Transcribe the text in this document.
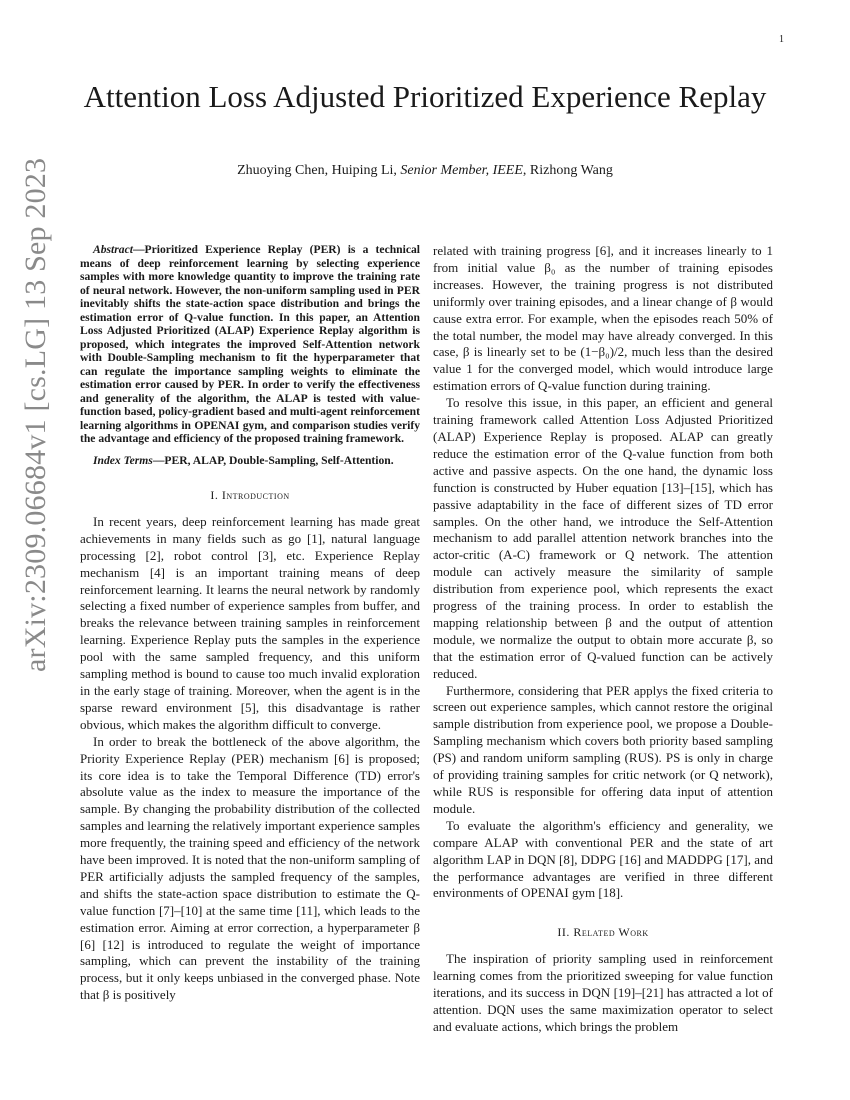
1
arXiv:2309.06684v1 [cs.LG] 13 Sep 2023
Attention Loss Adjusted Prioritized Experience Replay
Zhuoying Chen, Huiping Li, Senior Member, IEEE, Rizhong Wang

Abstract—Prioritized Experience Replay (PER) is a technical means of deep reinforcement learning by selecting experience samples with more knowledge quantity to improve the training rate of neural network. However, the non-uniform sampling used in PER inevitably shifts the state-action space distribution and brings the estimation error of Q-value function. In this paper, an Attention Loss Adjusted Prioritized (ALAP) Experience Replay algorithm is proposed, which integrates the improved Self-Attention network with Double-Sampling mechanism to fit the hyperparameter that can regulate the importance sampling weights to eliminate the estimation error caused by PER. In order to verify the effectiveness and generality of the algorithm, the ALAP is tested with value-function based, policy-gradient based and multi-agent reinforcement learning algorithms in OPENAI gym, and comparison studies verify the advantage and efficiency of the proposed training framework.

Index Terms—PER, ALAP, Double-Sampling, Self-Attention.

I. Introduction

In recent years, deep reinforcement learning has made great achievements in many fields such as go [1], natural language processing [2], robot control [3], etc. Experience Replay mechanism [4] is an important training means of deep reinforcement learning. It learns the neural network by randomly selecting a fixed number of experience samples from buffer, and breaks the relevance between training samples in reinforcement learning. Experience Replay puts the samples in the experience pool with the same sampled frequency, and this uniform sampling method is bound to cause too much invalid exploration in the early stage of training. Moreover, when the agent is in the sparse reward environment [5], this disadvantage is rather obvious, which makes the algorithm difficult to converge.

In order to break the bottleneck of the above algorithm, the Priority Experience Replay (PER) mechanism [6] is proposed; its core idea is to take the Temporal Difference (TD) error's absolute value as the index to measure the importance of the sample. By changing the probability distribution of the collected samples and learning the relatively important experience samples more frequently, the training speed and efficiency of the network have been improved. It is noted that the non-uniform sampling of PER artificially adjusts the sampled frequency of the samples, and shifts the state-action space distribution to estimate the Q-value function [7]–[10] at the same time [11], which leads to the estimation error. Aiming at error correction, a hyperparameter β [6] [12] is introduced to regulate the weight of importance sampling, which can prevent the instability of the training process, but it only keeps unbiased in the converged phase. Note that β is positively

related with training progress [6], and it increases linearly to 1 from initial value β₀ as the number of training episodes increases. However, the training progress is not distributed uniformly over training episodes, and a linear change of β would cause extra error. For example, when the episodes reach 50% of the total number, the model may have already converged. In this case, β is linearly set to be (1−β₀)/2, much less than the desired value 1 for the converged model, which would introduce large estimation errors of Q-value function during training.

To resolve this issue, in this paper, an efficient and general training framework called Attention Loss Adjusted Prioritized (ALAP) Experience Replay is proposed. ALAP can greatly reduce the estimation error of the Q-value function from both active and passive aspects. On the one hand, the dynamic loss function is constructed by Huber equation [13]–[15], which has passive adaptability in the face of different sizes of TD error samples. On the other hand, we introduce the Self-Attention mechanism to add parallel attention network branches into the actor-critic (A-C) framework or Q network. The attention module can actively measure the similarity of sample distribution from experience pool, which represents the exact progress of the training process. In order to establish the mapping relationship between β and the output of attention module, we normalize the output to obtain more accurate β, so that the estimation error of Q-valued function can be actively reduced.

Furthermore, considering that PER applys the fixed criteria to screen out experience samples, which cannot restore the original sample distribution from experience pool, we propose a Double-Sampling mechanism which covers both priority based sampling (PS) and random uniform sampling (RUS). PS is only in charge of providing training samples for critic network (or Q network), while RUS is responsible for offering data input of attention module.

To evaluate the algorithm's efficiency and generality, we compare ALAP with conventional PER and the state of art algorithm LAP in DQN [8], DDPG [16] and MADDPG [17], and the performance advantages are verified in three different environments of OPENAI gym [18].

II. Related Work

The inspiration of priority sampling used in reinforcement learning comes from the prioritized sweeping for value function iterations, and its success in DQN [19]–[21] has attracted a lot of attention. DQN uses the same maximization operator to select and evaluate actions, which brings the problem
